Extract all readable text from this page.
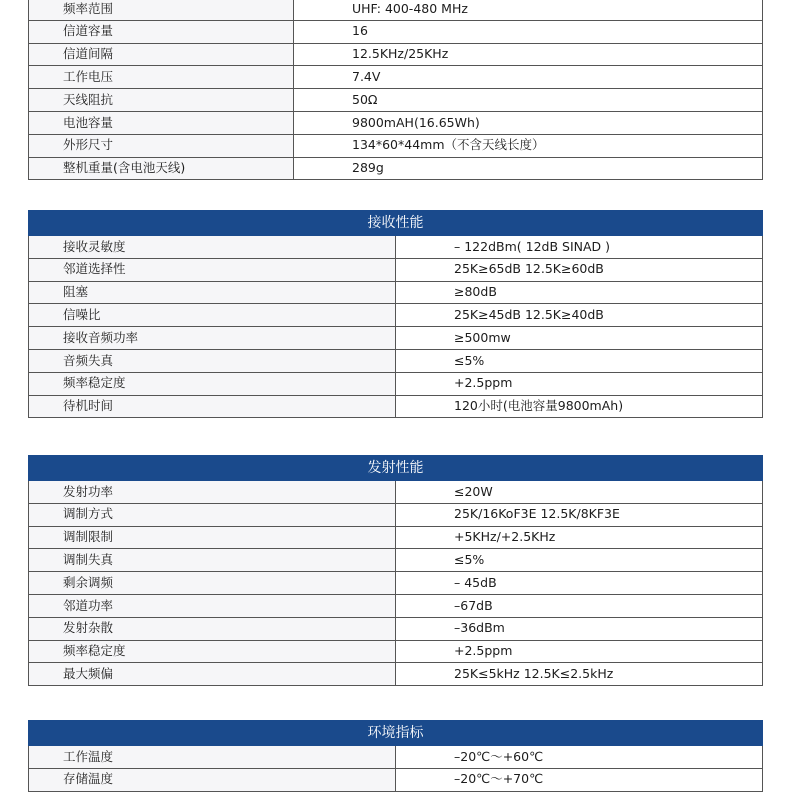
频率范围	UHF: 400-480 MHz
信道容量	16
信道间隔	12.5KHz/25KHz
工作电压	7.4V
天线阻抗	50Ω
电池容量	9800mAH(16.65Wh)
外形尺寸	134*60*44mm（不含天线长度）
整机重量(含电池天线)	289g
接收性能	
接收灵敏度	– 122dBm( 12dB SINAD )
邻道选择性	25K≥65dB 12.5K≥60dB
阻塞	≥80dB
信噪比	25K≥45dB 12.5K≥40dB
接收音频功率	≥500mw
音频失真	≤5%
频率稳定度	+2.5ppm
待机时间	120小时(电池容量9800mAh)
发射性能	
发射功率	≤20W
调制方式	25K/16KoF3E 12.5K/8KF3E
调制限制	+5KHz/+2.5KHz
调制失真	≤5%
剩余调频	– 45dB
邻道功率	–67dB
发射杂散	–36dBm
频率稳定度	+2.5ppm
最大频偏	25K≤5kHz 12.5K≤2.5kHz
环境指标	
工作温度	–20℃～+60℃
存储温度	–20℃～+70℃
